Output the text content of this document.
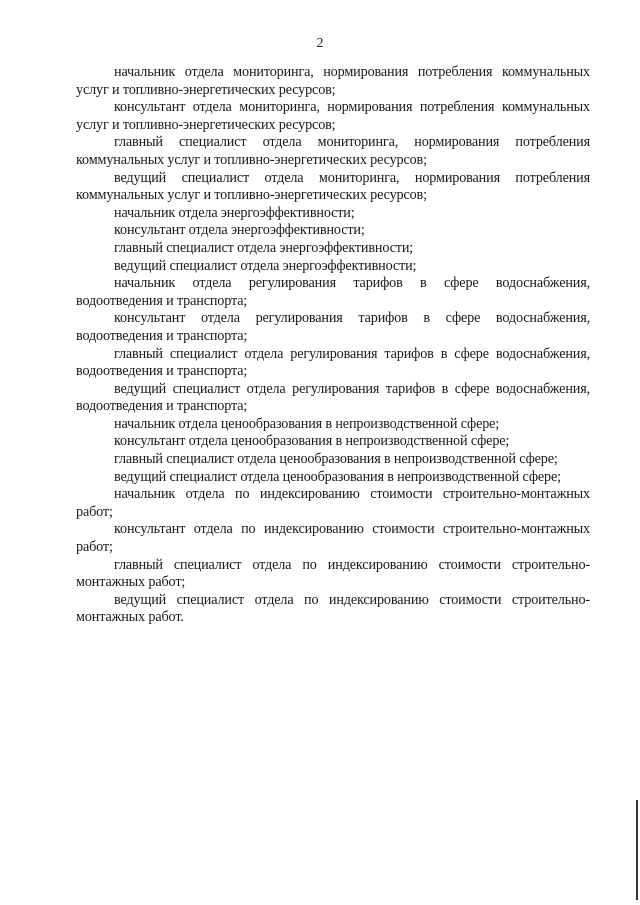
2

начальник отдела мониторинга, нормирования потребления коммунальных услуг и топливно-энергетических ресурсов;

консультант отдела мониторинга, нормирования потребления коммунальных услуг и топливно-энергетических ресурсов;

главный специалист отдела мониторинга, нормирования потребления коммунальных услуг и топливно-энергетических ресурсов;

ведущий специалист отдела мониторинга, нормирования потребления коммунальных услуг и топливно-энергетических ресурсов;

начальник отдела энергоэффективности;

консультант отдела энергоэффективности;

главный специалист отдела энергоэффективности;

ведущий специалист отдела энергоэффективности;

начальник отдела регулирования тарифов в сфере водоснабжения, водоотведения и транспорта;

консультант отдела регулирования тарифов в сфере водоснабжения, водоотведения и транспорта;

главный специалист отдела регулирования тарифов в сфере водоснабжения, водоотведения и транспорта;

ведущий специалист отдела регулирования тарифов в сфере водоснабжения, водоотведения и транспорта;

начальник отдела ценообразования в непроизводственной сфере;

консультант отдела ценообразования в непроизводственной сфере;

главный специалист отдела ценообразования в непроизводственной сфере;

ведущий специалист отдела ценообразования в непроизводственной сфере;

начальник отдела по индексированию стоимости строительно-монтажных работ;

консультант отдела по индексированию стоимости строительно-монтажных работ;

главный специалист отдела по индексированию стоимости строительно-монтажных работ;

ведущий специалист отдела по индексированию стоимости строительно-монтажных работ.
